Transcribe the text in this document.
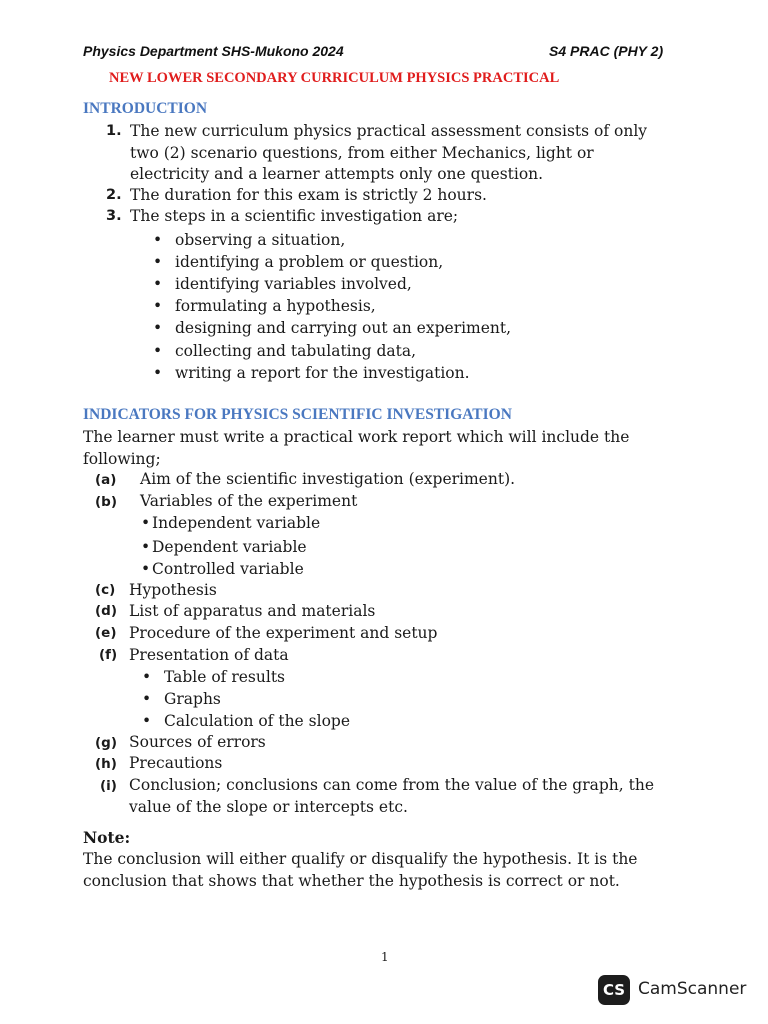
Physics Department SHS-Mukono 2024	S4 PRAC (PHY 2)
NEW LOWER SECONDARY CURRICULUM PHYSICS PRACTICAL
INTRODUCTION
1. The new curriculum physics practical assessment consists of only
two (2) scenario questions, from either Mechanics, light or
electricity and a learner attempts only one question.
2. The duration for this exam is strictly 2 hours.
3. The steps in a scientific investigation are;
• observing a situation,
• identifying a problem or question,
• identifying variables involved,
• formulating a hypothesis,
• designing and carrying out an experiment,
• collecting and tabulating data,
• writing a report for the investigation.
INDICATORS FOR PHYSICS SCIENTIFIC INVESTIGATION
The learner must write a practical work report which will include the
following;
(a) Aim of the scientific investigation (experiment).
(b) Variables of the experiment
• Independent variable
• Dependent variable
• Controlled variable
(c) Hypothesis
(d) List of apparatus and materials
(e) Procedure of the experiment and setup
(f) Presentation of data
• Table of results
• Graphs
• Calculation of the slope
(g) Sources of errors
(h) Precautions
(i) Conclusion; conclusions can come from the value of the graph, the
value of the slope or intercepts etc.
Note:
The conclusion will either qualify or disqualify the hypothesis. It is the
conclusion that shows that whether the hypothesis is correct or not.
1
CS CamScanner
